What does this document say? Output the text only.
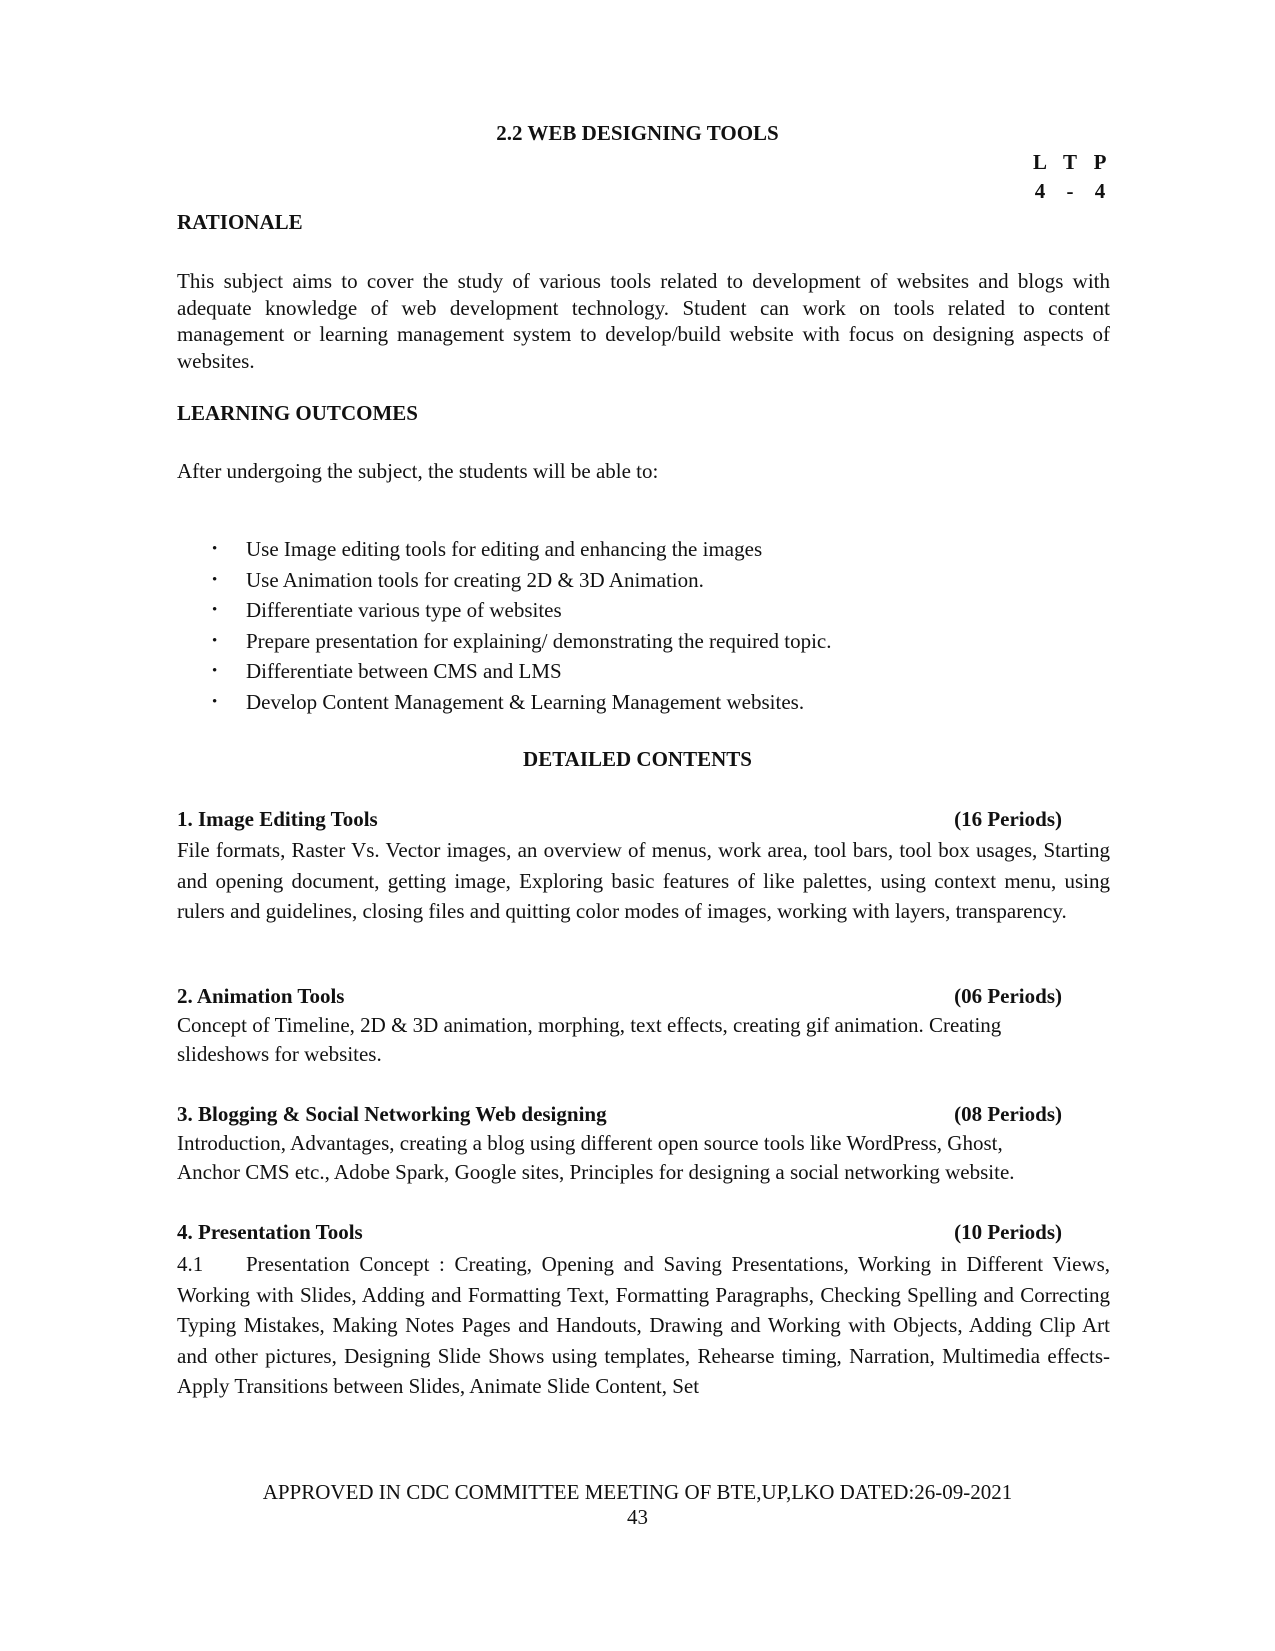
2.2 WEB DESIGNING TOOLS
L T P
4	-	4
RATIONALE
This subject aims to cover the study of various tools related to development of websites and blogs with adequate knowledge of web development technology. Student can work on tools related to content management or learning management system to develop/build website with focus on designing aspects of websites.
LEARNING OUTCOMES
After undergoing the subject, the students will be able to:
• Use Image editing tools for editing and enhancing the images
• Use Animation tools for creating 2D & 3D Animation.
• Differentiate various type of websites
• Prepare presentation for explaining/ demonstrating the required topic.
• Differentiate between CMS and LMS
• Develop Content Management & Learning Management websites.
DETAILED CONTENTS
1. Image Editing Tools	(16 Periods)
File formats, Raster Vs. Vector images, an overview of menus, work area, tool bars, tool box usages, Starting and opening document, getting image, Exploring basic features of like palettes, using context menu, using rulers and guidelines, closing files and quitting color modes of images, working with layers, transparency.
2. Animation Tools	(06 Periods)
Concept of Timeline, 2D & 3D animation, morphing, text effects, creating gif animation. Creating
slideshows for websites.
3. Blogging & Social Networking Web designing	(08 Periods)
Introduction, Advantages, creating a blog using different open source tools like WordPress, Ghost,
Anchor CMS etc., Adobe Spark, Google sites, Principles for designing a social networking website.
4. Presentation Tools	(10 Periods)
4.1 Presentation Concept : Creating, Opening and Saving Presentations, Working in Different Views, Working with Slides, Adding and Formatting Text, Formatting Paragraphs, Checking Spelling and Correcting Typing Mistakes, Making Notes Pages and Handouts, Drawing and Working with Objects, Adding Clip Art and other pictures, Designing Slide Shows using templates, Rehearse timing, Narration, Multimedia effects- Apply Transitions between Slides, Animate Slide Content, Set
APPROVED IN CDC COMMITTEE MEETING OF BTE,UP,LKO DATED:26-09-2021
43
